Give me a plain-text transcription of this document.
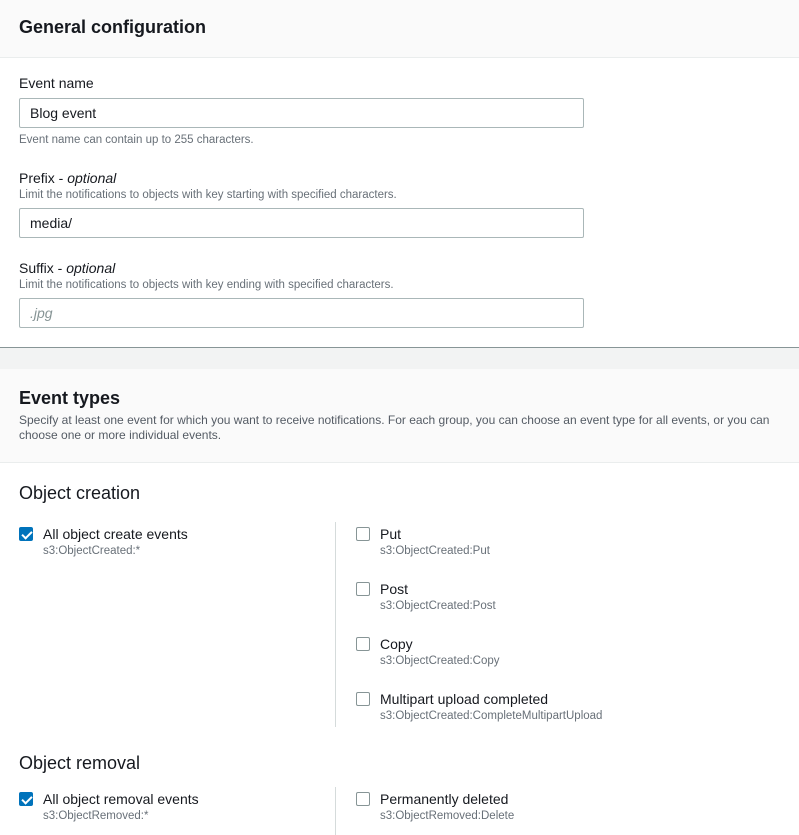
General configuration
Event name
Blog event
Event name can contain up to 255 characters.
Prefix - optional
Limit the notifications to objects with key starting with specified characters.
media/
Suffix - optional
Limit the notifications to objects with key ending with specified characters.
.jpg
Event types

Specify at least one event for which you want to receive notifications. For each group, you can choose an event type for all events, or you can choose one or more individual events.

Object creation
All object create events
s3:ObjectCreated:*
Put
s3:ObjectCreated:Put
Post
s3:ObjectCreated:Post
Copy
s3:ObjectCreated:Copy
Multipart upload completed
s3:ObjectCreated:CompleteMultipartUpload
Object removal
All object removal events
s3:ObjectRemoved:*
Permanently deleted
s3:ObjectRemoved:Delete
